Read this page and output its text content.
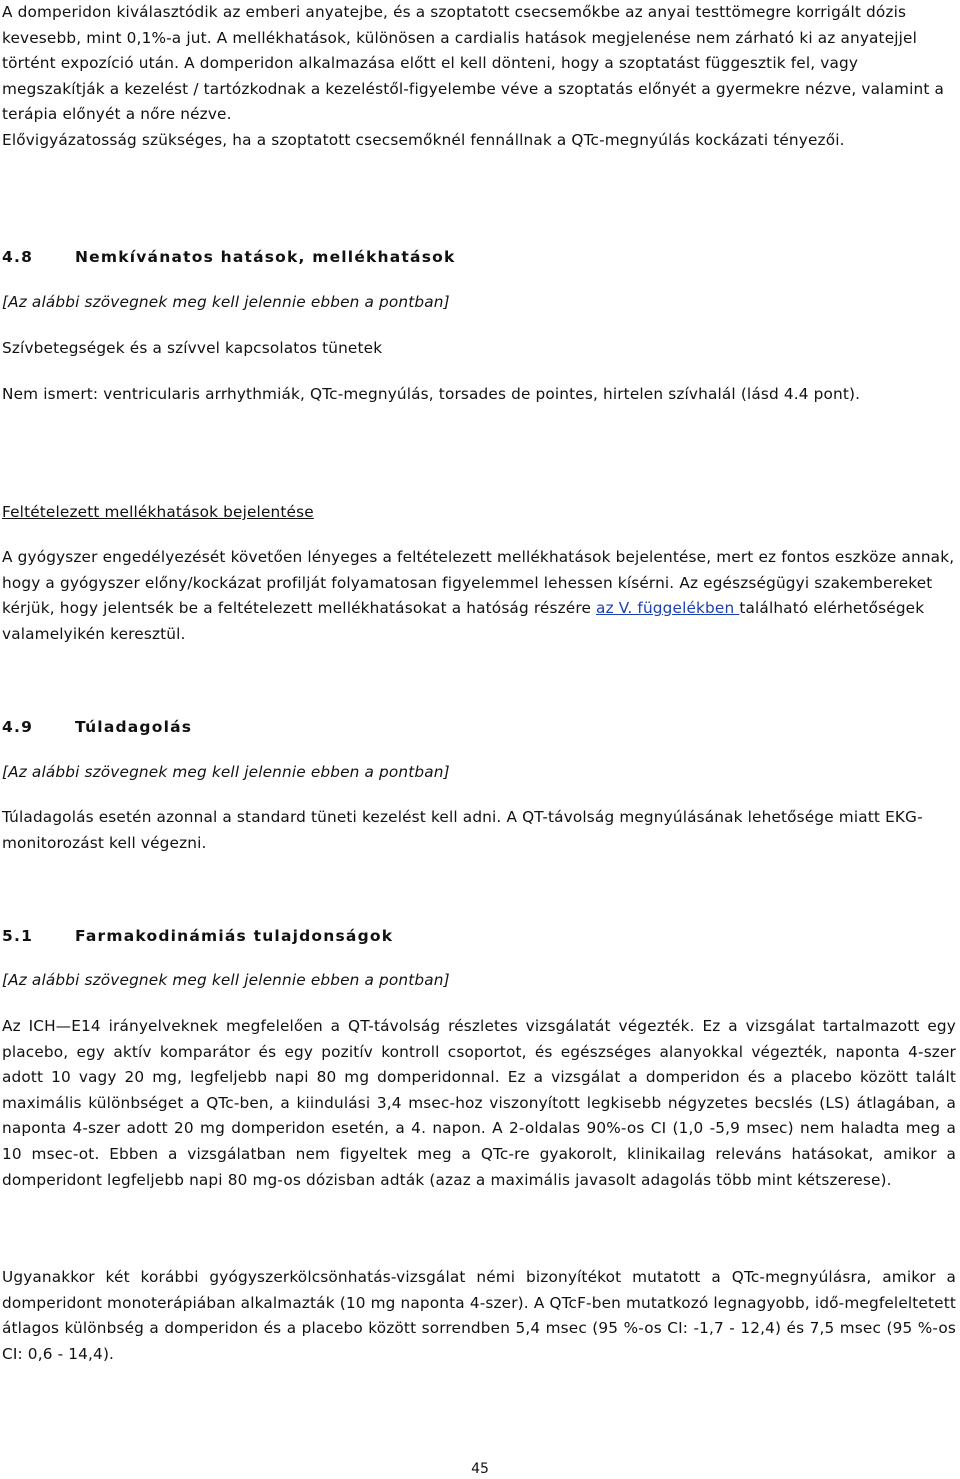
A domperidon kiválasztódik az emberi anyatejbe, és a szoptatott csecsemőkbe az anyai testtömegre korrigált dózis kevesebb, mint 0,1%-a jut. A mellékhatások, különösen a cardialis hatások megjelenése nem zárható ki az anyatejjel történt expozíció után. A domperidon alkalmazása előtt el kell dönteni, hogy a szoptatást függesztik fel, vagy megszakítják a kezelést / tartózkodnak a kezeléstől-figyelembe véve a szoptatás előnyét a gyermekre nézve, valamint a terápia előnyét a nőre nézve.

Elővigyázatosság szükséges, ha a szoptatott csecsemőknél fennállnak a QTc-megnyúlás kockázati tényezői.

4.8	Nemkívánatos hatások, mellékhatások

[Az alábbi szövegnek meg kell jelennie ebben a pontban]

Szívbetegségek és a szívvel kapcsolatos tünetek

Nem ismert: ventricularis arrhythmiák, QTc-megnyúlás, torsades de pointes, hirtelen szívhalál (lásd 4.4 pont).

Feltételezett mellékhatások bejelentése

A gyógyszer engedélyezését követően lényeges a feltételezett mellékhatások bejelentése, mert ez fontos eszköze annak, hogy a gyógyszer előny/kockázat profilját folyamatosan figyelemmel lehessen kísérni. Az egészségügyi szakembereket kérjük, hogy jelentsék be a feltételezett mellékhatásokat a hatóság részére az V. függelékben található elérhetőségek valamelyikén keresztül.

4.9	Túladagolás

[Az alábbi szövegnek meg kell jelennie ebben a pontban]

Túladagolás esetén azonnal a standard tüneti kezelést kell adni. A QT-távolság megnyúlásának lehetősége miatt EKG-monitorozást kell végezni.

5.1	Farmakodinámiás tulajdonságok

[Az alábbi szövegnek meg kell jelennie ebben a pontban]

Az ICH—E14 irányelveknek megfelelően a QT-távolság részletes vizsgálatát végezték. Ez a vizsgálat tartalmazott egy placebo, egy aktív komparátor és egy pozitív kontroll csoportot, és egészséges alanyokkal végezték, naponta 4-szer adott 10 vagy 20 mg, legfeljebb napi 80 mg domperidonnal. Ez a vizsgálat a domperidon és a placebo között talált maximális különbséget a QTc-ben, a kiindulási 3,4 msec-hoz viszonyított legkisebb négyzetes becslés (LS) átlagában, a naponta 4-szer adott 20 mg domperidon esetén, a 4. napon. A 2-oldalas 90%-os CI (1,0 -5,9 msec) nem haladta meg a 10 msec-ot. Ebben a vizsgálatban nem figyeltek meg a QTc-re gyakorolt, klinikailag releváns hatásokat, amikor a domperidont legfeljebb napi 80 mg-os dózisban adták (azaz a maximális javasolt adagolás több mint kétszerese).

Ugyanakkor két korábbi gyógyszerkölcsönhatás-vizsgálat némi bizonyítékot mutatott a QTc-megnyúlásra, amikor a domperidont monoterápiában alkalmazták (10 mg naponta 4-szer). A QTcF-ben mutatkozó legnagyobb, idő-megfeleltetett átlagos különbség a domperidon és a placebo között sorrendben 5,4 msec (95 %-os CI: -1,7 - 12,4) és 7,5 msec (95 %-os CI: 0,6 - 14,4).

45
